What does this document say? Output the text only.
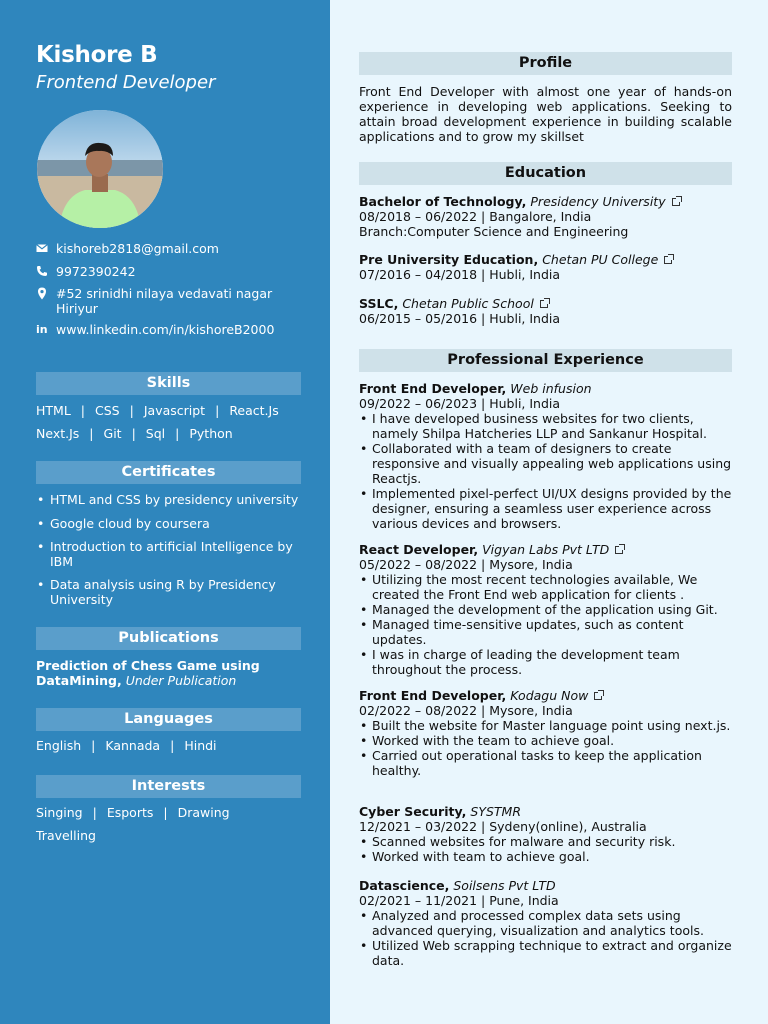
Kishore B
Frontend Developer
kishoreb2818@gmail.com
9972390242
#52 srinidhi nilaya vedavati nagar Hiriyur
in www.linkedin.com/in/kishoreB2000
Skills
HTML | CSS | Javascript | React.Js
Next.Js | Git | Sql | Python
Certificates
• HTML and CSS by presidency university
• Google cloud by coursera
• Introduction to artificial Intelligence by IBM
• Data analysis using R by Presidency University
Publications
Prediction of Chess Game using DataMining, Under Publication
Languages
English | Kannada | Hindi
Interests
Singing | Esports | Drawing
Travelling
Profile
Front End Developer with almost one year of hands-on experience in developing web applications. Seeking to attain broad development experience in building scalable applications and to grow my skillset
Education
Bachelor of Technology, Presidency University
08/2018 – 06/2022 | Bangalore, India
Branch:Computer Science and Engineering
Pre University Education, Chetan PU College
07/2016 – 04/2018 | Hubli, India
SSLC, Chetan Public School
06/2015 – 05/2016 | Hubli, India
Professional Experience
Front End Developer, Web infusion
09/2022 – 06/2023 | Hubli, India
• I have developed business websites for two clients, namely Shilpa Hatcheries LLP and Sankanur Hospital.
• Collaborated with a team of designers to create responsive and visually appealing web applications using Reactjs.
• Implemented pixel-perfect UI/UX designs provided by the designer, ensuring a seamless user experience across various devices and browsers.
React Developer, Vigyan Labs Pvt LTD
05/2022 – 08/2022 | Mysore, India
• Utilizing the most recent technologies available, We created the Front End web application for clients .
• Managed the development of the application using Git.
• Managed time-sensitive updates, such as content updates.
• I was in charge of leading the development team throughout the process.
Front End Developer, Kodagu Now
02/2022 – 08/2022 | Mysore, India
• Built the website for Master language point using next.js.
• Worked with the team to achieve goal.
• Carried out operational tasks to keep the application healthy.
Cyber Security, SYSTMR
12/2021 – 03/2022 | Sydeny(online), Australia
• Scanned websites for malware and security risk.
• Worked with team to achieve goal.
Datascience, Soilsens Pvt LTD
02/2021 – 11/2021 | Pune, India
• Analyzed and processed complex data sets using advanced querying, visualization and analytics tools.
• Utilized Web scrapping technique to extract and organize data.
